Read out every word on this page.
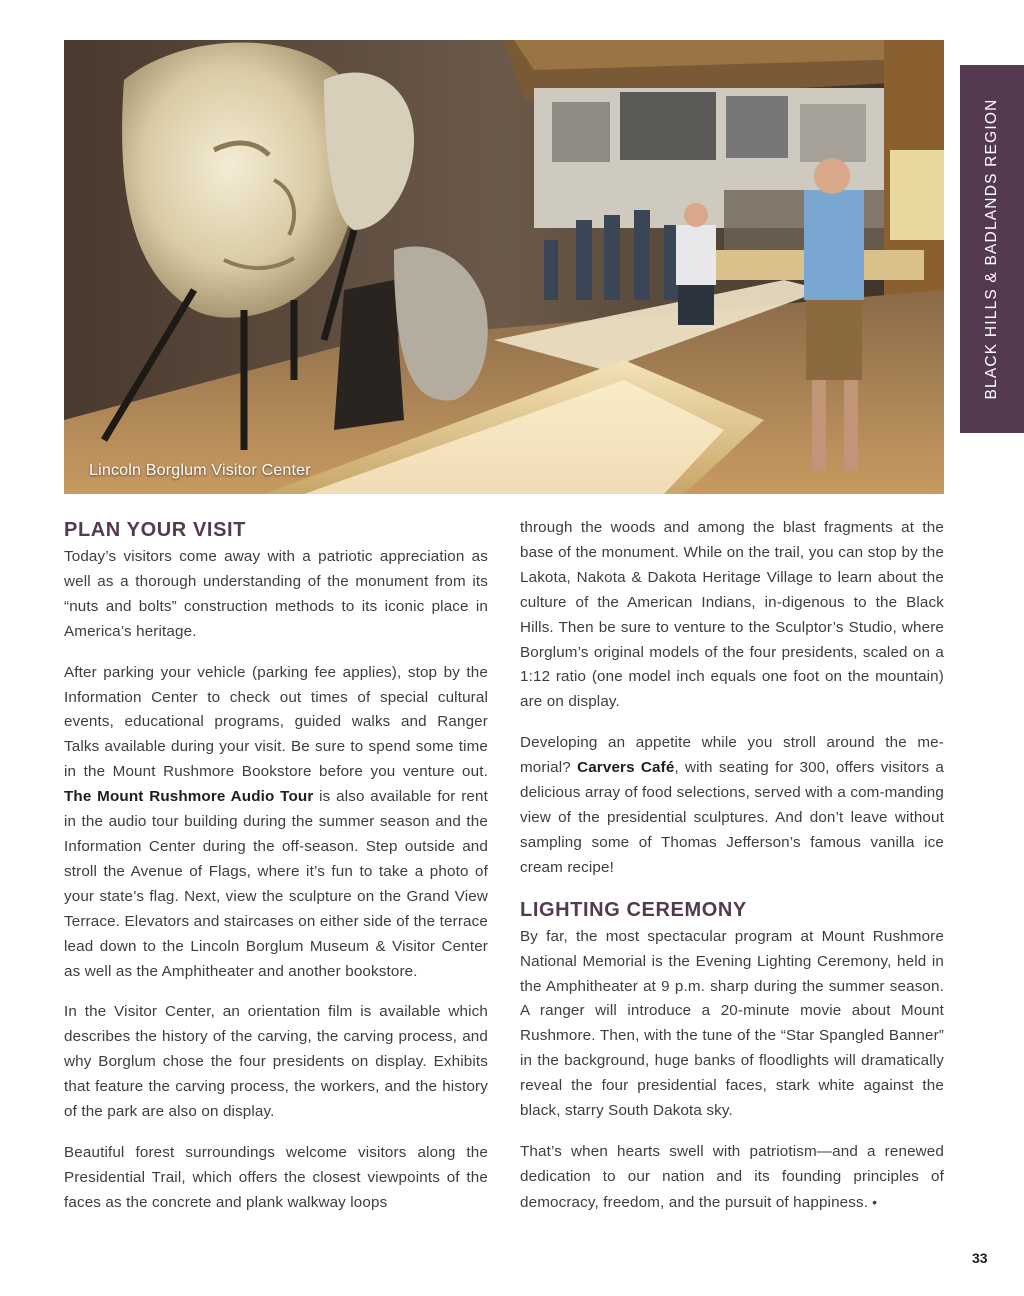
Lincoln Borglum Visitor Center
BLACK HILLS & BADLANDS REGION
PLAN YOUR VISIT

Today’s visitors come away with a patriotic appreciation as well as a thorough understanding of the monument from its “nuts and bolts” construction methods to its iconic place in America’s heritage.

After parking your vehicle (parking fee applies), stop by the Information Center to check out times of special cultural events, educational programs, guided walks and Ranger Talks available during your visit. Be sure to spend some time in the Mount Rushmore Bookstore before you venture out. The Mount Rushmore Audio Tour is also available for rent in the audio tour building during the summer season and the Information Center during the off-season. Step outside and stroll the Avenue of Flags, where it’s fun to take a photo of your state’s flag. Next, view the sculpture on the Grand View Terrace. Elevators and staircases on either side of the terrace lead down to the Lincoln Borglum Museum & Visitor Center as well as the Amphitheater and another bookstore.

In the Visitor Center, an orientation film is available which describes the history of the carving, the carving process, and why Borglum chose the four presidents on display. Exhibits that feature the carving process, the workers, and the history of the park are also on display.

Beautiful forest surroundings welcome visitors along the Presidential Trail, which offers the closest viewpoints of the faces as the concrete and plank walkway loops

through the woods and among the blast fragments at the base of the monument. While on the trail, you can stop by the Lakota, Nakota & Dakota Heritage Village to learn about the culture of the American Indians, in-digenous to the Black Hills. Then be sure to venture to the Sculptor’s Studio, where Borglum’s original models of the four presidents, scaled on a 1:12 ratio (one model inch equals one foot on the mountain) are on display.

Developing an appetite while you stroll around the me-morial? Carvers Café, with seating for 300, offers visitors a delicious array of food selections, served with a com-manding view of the presidential sculptures. And don’t leave without sampling some of Thomas Jefferson’s famous vanilla ice cream recipe!

LIGHTING CEREMONY

By far, the most spectacular program at Mount Rushmore National Memorial is the Evening Lighting Ceremony, held in the Amphitheater at 9 p.m. sharp during the summer season. A ranger will introduce a 20-minute movie about Mount Rushmore. Then, with the tune of the “Star Spangled Banner” in the background, huge banks of floodlights will dramatically reveal the four presidential faces, stark white against the black, starry South Dakota sky.

That’s when hearts swell with patriotism—and a renewed dedication to our nation and its founding principles of democracy, freedom, and the pursuit of happiness. •

33
